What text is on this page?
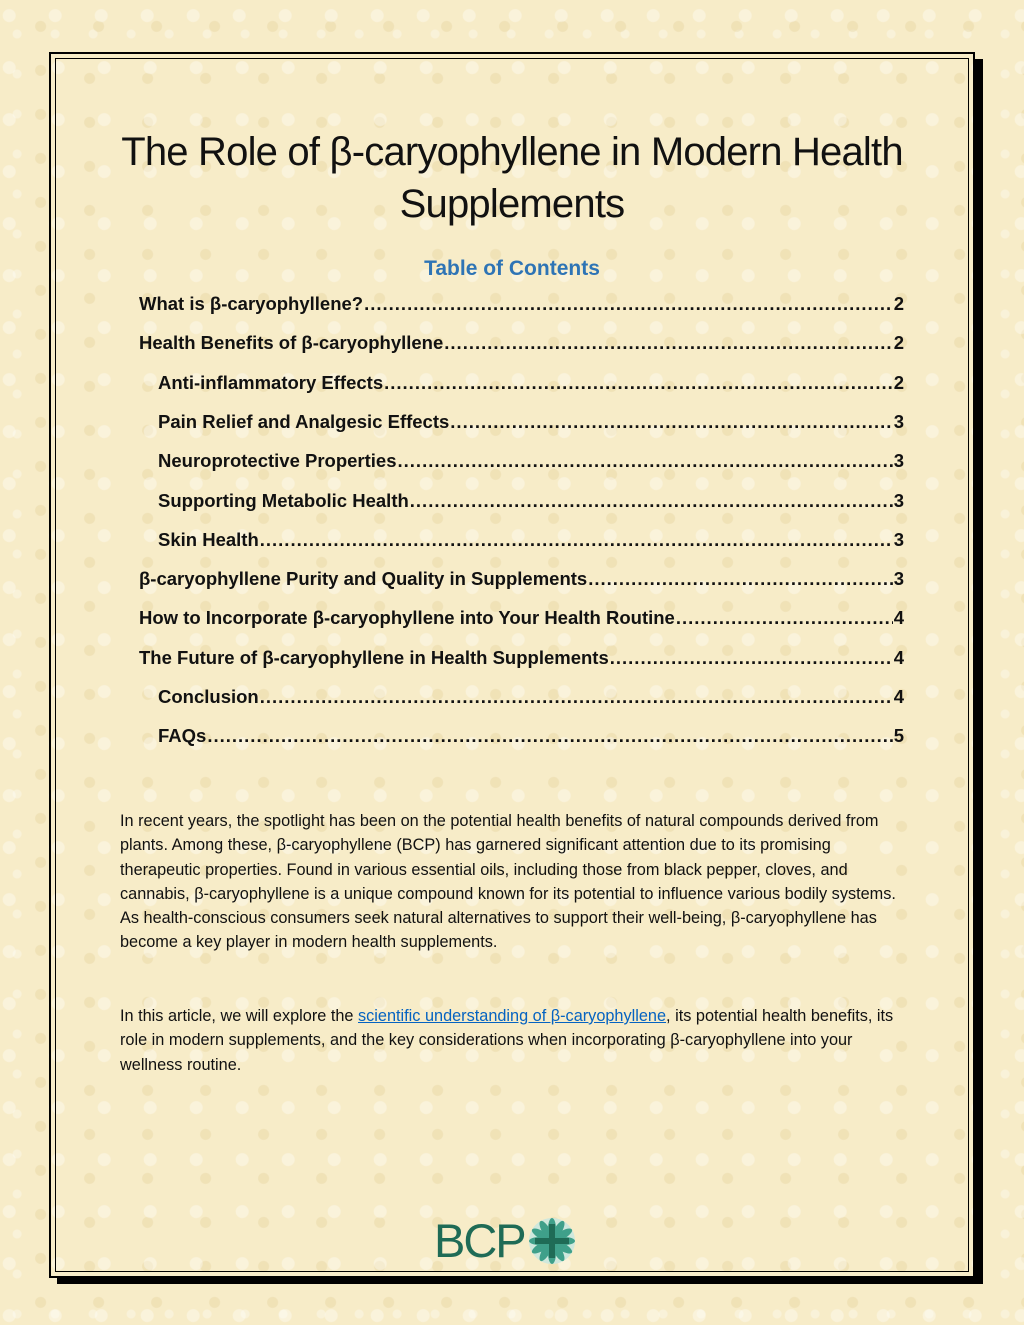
The Role of β-caryophyllene in Modern Health Supplements
Table of Contents
What is β-caryophyllene? .....	2
Health Benefits of β-caryophyllene .....	2
Anti-inflammatory Effects .....	2
Pain Relief and Analgesic Effects .....	3
Neuroprotective Properties .....	3
Supporting Metabolic Health .....	3
Skin Health .....	3
β-caryophyllene Purity and Quality in Supplements .....	3
How to Incorporate β-caryophyllene into Your Health Routine .....	4
The Future of β-caryophyllene in Health Supplements .....	4
Conclusion .....	4
FAQs .....	5

In recent years, the spotlight has been on the potential health benefits of natural compounds derived from plants. Among these, β-caryophyllene (BCP) has garnered significant attention due to its promising therapeutic properties. Found in various essential oils, including those from black pepper, cloves, and cannabis, β-caryophyllene is a unique compound known for its potential to influence various bodily systems. As health-conscious consumers seek natural alternatives to support their well-being, β-caryophyllene has become a key player in modern health supplements.

In this article, we will explore the scientific understanding of β-caryophyllene, its potential health benefits, its role in modern supplements, and the key considerations when incorporating β-caryophyllene into your wellness routine.

BCP
